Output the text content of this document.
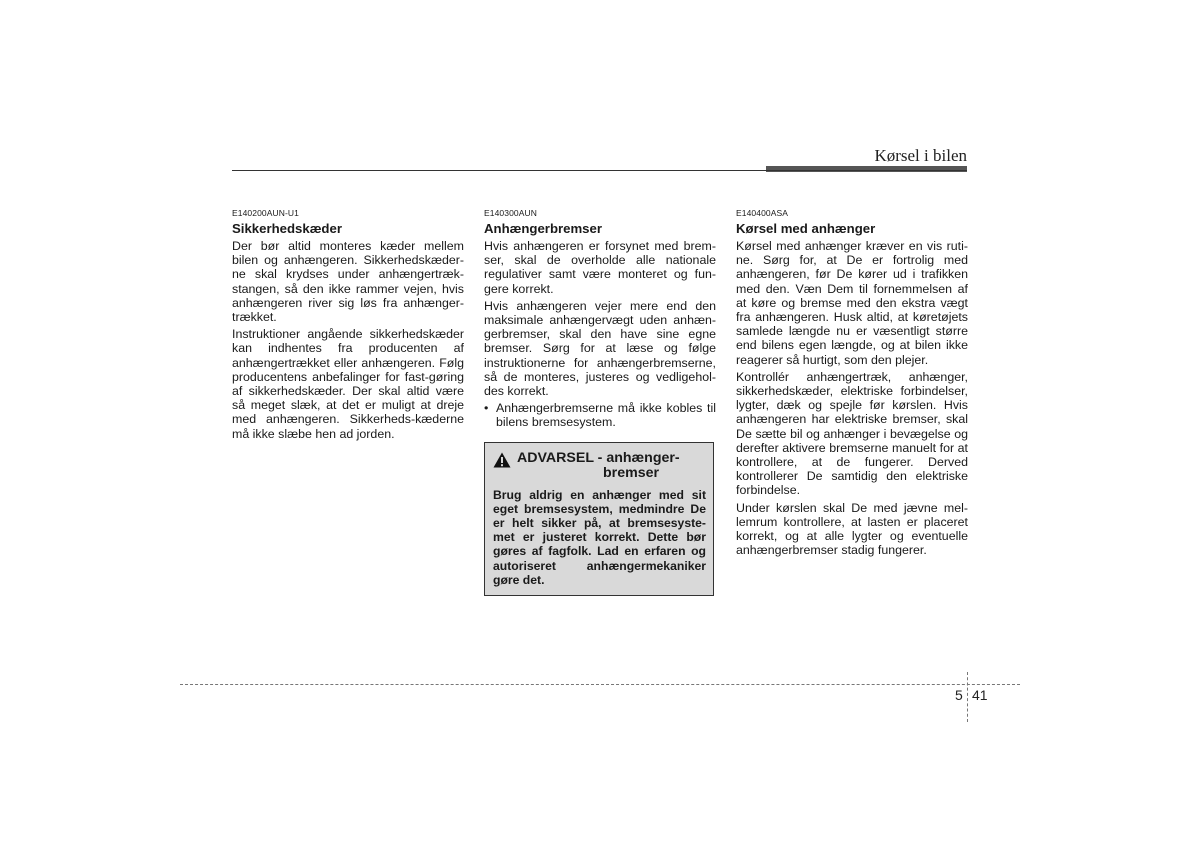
Kørsel i bilen
E140200AUN-U1
Sikkerhedskæder

Der bør altid monteres kæder mellem bilen og anhængeren. Sikkerhedskæder-ne skal krydses under anhængertræk-stangen, så den ikke rammer vejen, hvis anhængeren river sig løs fra anhænger-trækket.

Instruktioner angående sikkerhedskæder kan indhentes fra producenten af anhængertrækket eller anhængeren. Følg producentens anbefalinger for fast-gøring af sikkerhedskæder. Der skal altid være så meget slæk, at det er muligt at dreje med anhængeren. Sikkerheds-kæderne må ikke slæbe hen ad jorden.

E140300AUN
Anhængerbremser

Hvis anhængeren er forsynet med brem-ser, skal de overholde alle nationale regulativer samt være monteret og fun-gere korrekt.

Hvis anhængeren vejer mere end den maksimale anhængervægt uden anhæn-gerbremser, skal den have sine egne bremser. Sørg for at læse og følge instruktionerne for anhængerbremserne, så de monteres, justeres og vedligehol-des korrekt.

• Anhængerbremserne må ikke kobles til bilens bremsesystem.
ADVARSEL - anhænger-
bremser
Brug aldrig en anhænger med sit eget bremsesystem, medmindre De er helt sikker på, at bremsesyste-met er justeret korrekt. Dette bør gøres af fagfolk. Lad en erfaren og autoriseret anhængermekaniker gøre det.
E140400ASA
Kørsel med anhænger

Kørsel med anhænger kræver en vis ruti-ne. Sørg for, at De er fortrolig med anhængeren, før De kører ud i trafikken med den. Væn Dem til fornemmelsen af at køre og bremse med den ekstra vægt fra anhængeren. Husk altid, at køretøjets samlede længde nu er væsentligt større end bilens egen længde, og at bilen ikke reagerer så hurtigt, som den plejer.

Kontrollér anhængertræk, anhænger, sikkerhedskæder, elektriske forbindelser, lygter, dæk og spejle før kørslen. Hvis anhængeren har elektriske bremser, skal De sætte bil og anhænger i bevægelse og derefter aktivere bremserne manuelt for at kontrollere, at de fungerer. Derved kontrollerer De samtidig den elektriske forbindelse.

Under kørslen skal De med jævne mel-lemrum kontrollere, at lasten er placeret korrekt, og at alle lygter og eventuelle anhængerbremser stadig fungerer.

5 41
